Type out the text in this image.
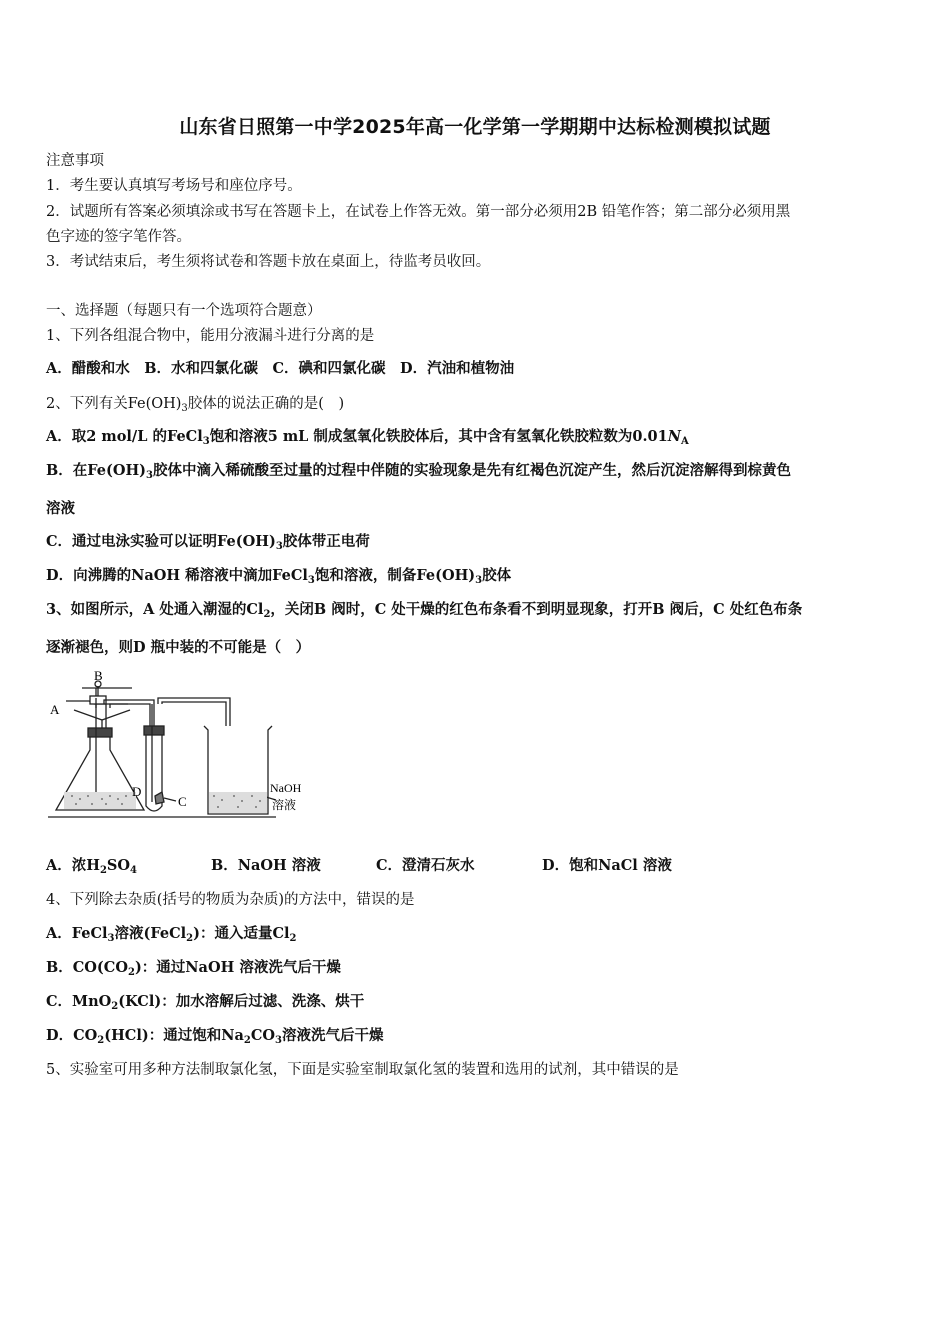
山东省日照第一中学2025年高一化学第一学期期中达标检测模拟试题
注意事项
1．考生要认真填写考场号和座位序号。
2．试题所有答案必须填涂或书写在答题卡上，在试卷上作答无效。第一部分必须用2B 铅笔作答；第二部分必须用黑
色字迹的签字笔作答。
3．考试结束后，考生须将试卷和答题卡放在桌面上，待监考员收回。
一、选择题（每题只有一个选项符合题意）
1、下列各组混合物中，能用分液漏斗进行分离的是
A．醋酸和水　B．水和四氯化碳　C．碘和四氯化碳　D．汽油和植物油
2、下列有关$Fe(OH)_3$胶体的说法正确的是(　)
A．取2 mol/L 的FeCl$_3$饱和溶液5 mL 制成氢氧化铁胶体后，其中含有氢氧化铁胶粒数为$0.01N_A$
B．在$Fe(OH)_3$胶体中滴入稀硫酸至过量的过程中伴随的实验现象是先有红褐色沉淀产生，然后沉淀溶解得到棕黄色
溶液
C．通过电泳实验可以证明$Fe(OH)_3$胶体带正电荷
D．向沸腾的NaOH 稀溶液中滴加FeCl$_3$饱和溶液，制备$Fe(OH)_3$胶体
3、如图所示，A 处通入潮湿的$Cl_2$，关闭B 阀时，C 处干燥的红色布条看不到明显现象，打开B 阀后，C 处红色布条
逐渐褪色，则D 瓶中装的不可能是（　）
A
B
C
D	NaOH
溶液
A．浓$H_2SO_4$	B．NaOH 溶液	C．澄清石灰水	D．饱和NaCl 溶液
4、下列除去杂质(括号的物质为杂质)的方法中，错误的是
A．FeCl$_3$溶液(FeCl$_2$)：通入适量$Cl_2$
B．$CO(CO_2)$：通过NaOH 溶液洗气后干燥
C．MnO$_2$(KCl)：加水溶解后过滤、洗涤、烘干
D．$CO_2(HCl)$：通过饱和$Na_2CO_3$溶液洗气后干燥
5、实验室可用多种方法制取氯化氢，下面是实验室制取氯化氢的装置和选用的试剂，其中错误的是
